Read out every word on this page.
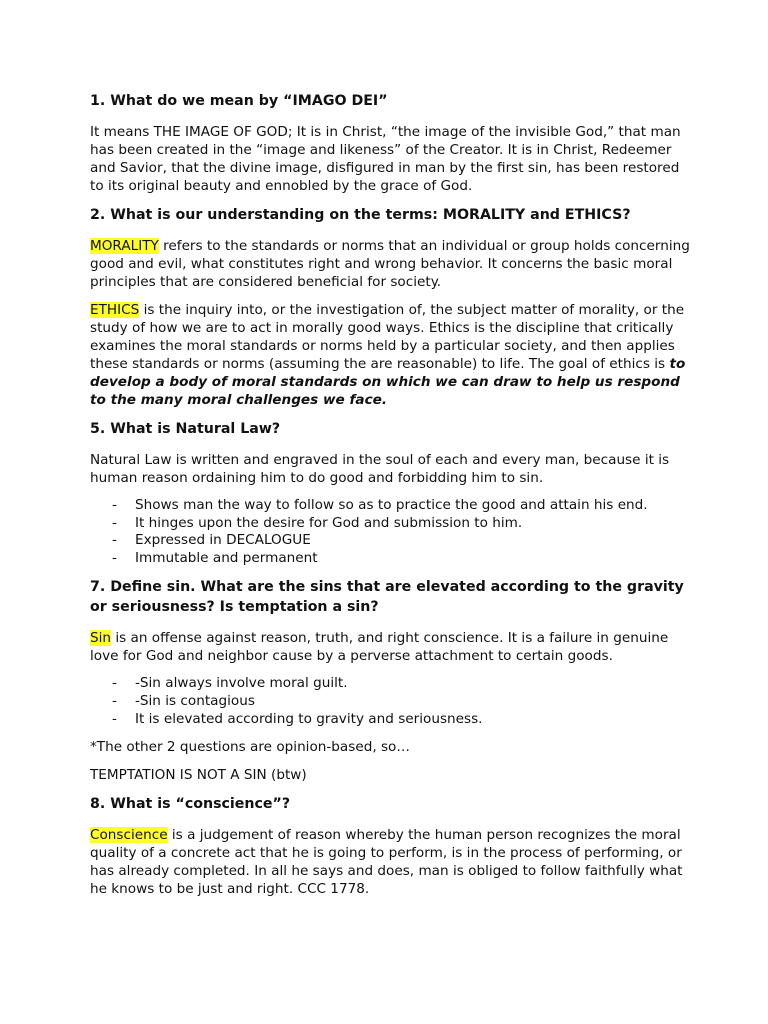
1. What do we mean by “IMAGO DEI”

It means THE IMAGE OF GOD; It is in Christ, “the image of the invisible God,” that man has been created in the “image and likeness” of the Creator. It is in Christ, Redeemer and Savior, that the divine image, disfigured in man by the first sin, has been restored to its original beauty and ennobled by the grace of God.

2. What is our understanding on the terms: MORALITY and ETHICS?

MORALITY refers to the standards or norms that an individual or group holds concerning good and evil, what constitutes right and wrong behavior. It concerns the basic moral principles that are considered beneficial for society.

ETHICS is the inquiry into, or the investigation of, the subject matter of morality, or the study of how we are to act in morally good ways. Ethics is the discipline that critically examines the moral standards or norms held by a particular society, and then applies these standards or norms (assuming the are reasonable) to life. The goal of ethics is to develop a body of moral standards on which we can draw to help us respond to the many moral challenges we face.

5. What is Natural Law?

Natural Law is written and engraved in the soul of each and every man, because it is human reason ordaining him to do good and forbidding him to sin.

- Shows man the way to follow so as to practice the good and attain his end.
- It hinges upon the desire for God and submission to him.
- Expressed in DECALOGUE
- Immutable and permanent
7. Define sin. What are the sins that are elevated according to the gravity or seriousness? Is temptation a sin?

Sin is an offense against reason, truth, and right conscience. It is a failure in genuine love for God and neighbor cause by a perverse attachment to certain goods.

- -Sin always involve moral guilt.
- -Sin is contagious
- It is elevated according to gravity and seriousness.

*The other 2 questions are opinion-based, so…

TEMPTATION IS NOT A SIN (btw)

8. What is “conscience”?

Conscience is a judgement of reason whereby the human person recognizes the moral quality of a concrete act that he is going to perform, is in the process of performing, or has already completed. In all he says and does, man is obliged to follow faithfully what he knows to be just and right. CCC 1778.
